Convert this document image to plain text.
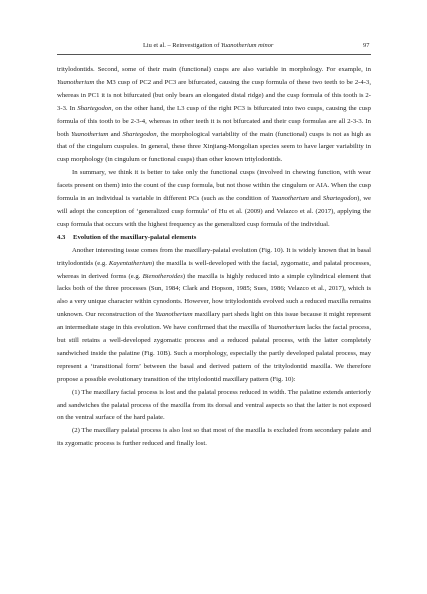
Liu et al. – Reinvestigation of Yuanotherium minor	97

tritylodontids. Second, some of their main (functional) cusps are also variable in morphology. For example, in Yuanotherium the M3 cusp of PC2 and PC3 are bifurcated, causing the cusp formula of these two teeth to be 2-4-3, whereas in PC1 it is not bifurcated (but only bears an elongated distal ridge) and the cusp formula of this tooth is 2-3-3. In Shartegodon, on the other hand, the L3 cusp of the right PC3 is bifurcated into two cusps, causing the cusp formula of this tooth to be 2-3-4, whereas in other teeth it is not bifurcated and their cusp formulas are all 2-3-3. In both Yuanotherium and Shartegodon, the morphological variability of the main (functional) cusps is not as high as that of the cingulum cuspules. In general, these three Xinjiang-Mongolian species seem to have larger variability in cusp morphology (in cingulum or functional cusps) than other known tritylodontids.

In summary, we think it is better to take only the functional cusps (involved in chewing function, with wear facets present on them) into the count of the cusp formula, but not those within the cingulum or AIA. When the cusp formula in an individual is variable in different PCs (such as the condition of Yuanotherium and Shartegodon), we will adopt the conception of ‘generalized cusp formula’ of Hu et al. (2009) and Velazco et al. (2017), applying the cusp formula that occurs with the highest frequency as the generalized cusp formula of the individual.

4.3 Evolution of the maxillary-palatal elements

Another interesting issue comes from the maxillary-palatal evolution (Fig. 10). It is widely known that in basal tritylodontids (e.g. Kayentatherium) the maxilla is well-developed with the facial, zygomatic, and palatal processes, whereas in derived forms (e.g. Bienotheroides) the maxilla is highly reduced into a simple cylindrical element that lacks both of the three processes (Sun, 1984; Clark and Hopson, 1985; Sues, 1986; Velazco et al., 2017), which is also a very unique character within cynodonts. However, how tritylodontids evolved such a reduced maxilla remains unknown. Our reconstruction of the Yuanotherium maxillary part sheds light on this issue because it might represent an intermediate stage in this evolution. We have confirmed that the maxilla of Yuanotherium lacks the facial process, but still retains a well-developed zygomatic process and a reduced palatal process, with the latter completely sandwiched inside the palatine (Fig. 10B). Such a morphology, especially the partly developed palatal process, may represent a ‘transitional form’ between the basal and derived pattern of the tritylodontid maxilla. We therefore propose a possible evolutionary transition of the tritylodontid maxillary pattern (Fig. 10):

(1) The maxillary facial process is lost and the palatal process reduced in width. The palatine extends anteriorly and sandwiches the palatal process of the maxilla from its dorsal and ventral aspects so that the latter is not exposed on the ventral surface of the hard palate.

(2) The maxillary palatal process is also lost so that most of the maxilla is excluded from secondary palate and its zygomatic process is further reduced and finally lost.
